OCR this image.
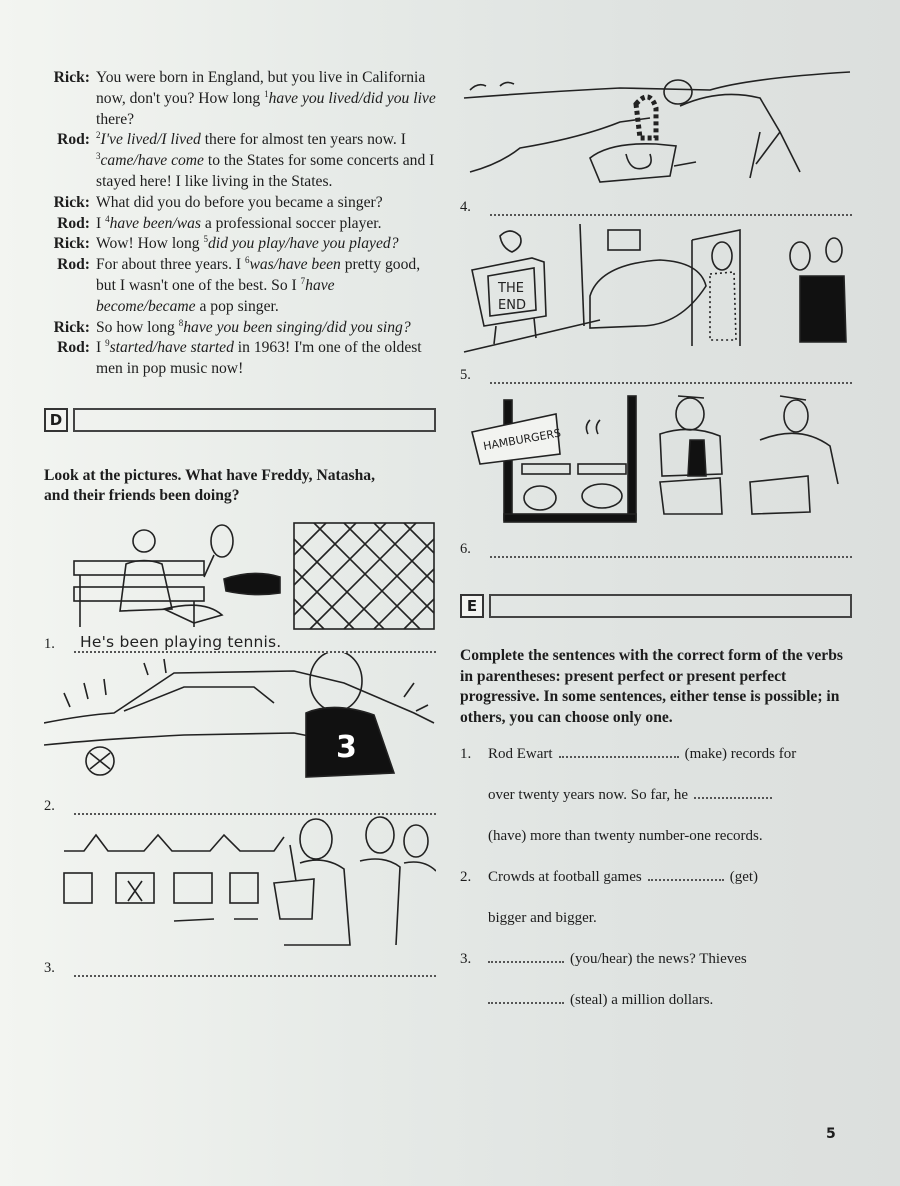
Rick: You were born in England, but you live in California now, don't you? How long $^1$have you lived/did you live there?
Rod: $^2$I've lived/I lived there for almost ten years now. I $^3$came/have come to the States for some concerts and I stayed here! I like living in the States.
Rick: What did you do before you became a singer?
Rod: I $^4$have been/was a professional soccer player.
Rick: Wow! How long $^5$did you play/have you played?
Rod: For about three years. I $^6$was/have been pretty good, but I wasn't one of the best. So I $^7$have become/became a pop singer.
Rick: So how long $^8$have you been singing/did you sing?
Rod: I $^9$started/have started in 1963! I'm one of the oldest men in pop music now!
D
Look at the pictures. What have Freddy, Natasha, and their friends been doing?
1.	He's been playing tennis.
3
2.
3.
4.
THE
END
5.
HAMBURGERS
6.
E
Complete the sentences with the correct form of the verbs in parentheses: present perfect or present perfect progressive. In some sentences, either tense is possible; in others, you can choose only one.
1.	Rod Ewart	(make) records for
over twenty years now. So far, he
(have) more than twenty number-one records.
2.	Crowds at football games	(get)
bigger and bigger.
3.	(you/hear) the news? Thieves
(steal) a million dollars.
5
